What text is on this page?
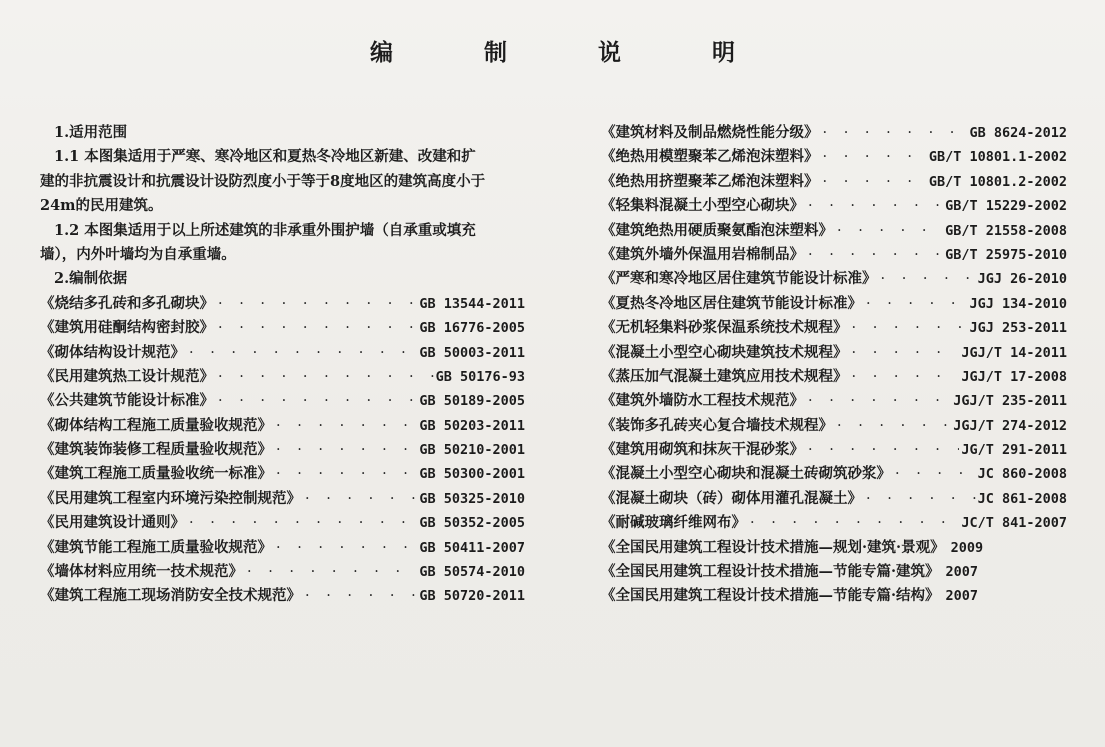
编　制　说　明
1.适用范围
1.1 本图集适用于严寒、寒冷地区和夏热冬冷地区新建、改建和扩
建的非抗震设计和抗震设计设防烈度小于等于8度地区的建筑高度小于
24m的民用建筑。
1.2 本图集适用于以上所述建筑的非承重外围护墙（自承重或填充
墙），内外叶墙均为自承重墙。
2.编制依据
《烧结多孔砖和多孔砌块》 · · ·	GB 13544-2011
《建筑用硅酮结构密封胶》 · · ·	GB 16776-2005
《砌体结构设计规范》 · · ·	GB 50003-2011
《民用建筑热工设计规范》 · · ·	GB 50176-93
《公共建筑节能设计标准》 · · ·	GB 50189-2005
《砌体结构工程施工质量验收规范》 · · ·	GB 50203-2011
《建筑装饰装修工程质量验收规范》 · · ·	GB 50210-2001
《建筑工程施工质量验收统一标准》 · · ·	GB 50300-2001
《民用建筑工程室内环境污染控制规范》 · · ·	GB 50325-2010
《民用建筑设计通则》 · · ·	GB 50352-2005
《建筑节能工程施工质量验收规范》 · · ·	GB 50411-2007
《墙体材料应用统一技术规范》 · · ·	GB 50574-2010
《建筑工程施工现场消防安全技术规范》 · · ·	GB 50720-2011
《建筑材料及制品燃烧性能分级》 · · ·	GB 8624-2012
《绝热用模塑聚苯乙烯泡沫塑料》 · · ·	GB/T 10801.1-2002
《绝热用挤塑聚苯乙烯泡沫塑料》 · · ·	GB/T 10801.2-2002
《轻集料混凝土小型空心砌块》 · · ·	GB/T 15229-2002
《建筑绝热用硬质聚氨酯泡沫塑料》 · · ·	GB/T 21558-2008
《建筑外墙外保温用岩棉制品》 · · ·	GB/T 25975-2010
《严寒和寒冷地区居住建筑节能设计标准》 · · ·	JGJ 26-2010
《夏热冬冷地区居住建筑节能设计标准》 · · ·	JGJ 134-2010
《无机轻集料砂浆保温系统技术规程》 · · ·	JGJ 253-2011
《混凝土小型空心砌块建筑技术规程》 · · ·	JGJ/T 14-2011
《蒸压加气混凝土建筑应用技术规程》 · · ·	JGJ/T 17-2008
《建筑外墙防水工程技术规范》 · · ·	JGJ/T 235-2011
《装饰多孔砖夹心复合墙技术规程》 · · ·	JGJ/T 274-2012
《建筑用砌筑和抹灰干混砂浆》 · · ·	JG/T 291-2011
《混凝土小型空心砌块和混凝土砖砌筑砂浆》 · · ·	JC 860-2008
《混凝土砌块（砖）砌体用灌孔混凝土》 · · ·	JC 861-2008
《耐碱玻璃纤维网布》 · · ·	JC/T 841-2007
《全国民用建筑工程设计技术措施—规划·建筑·景观》 2009
《全国民用建筑工程设计技术措施—节能专篇·建筑》 2007
《全国民用建筑工程设计技术措施—节能专篇·结构》 2007
